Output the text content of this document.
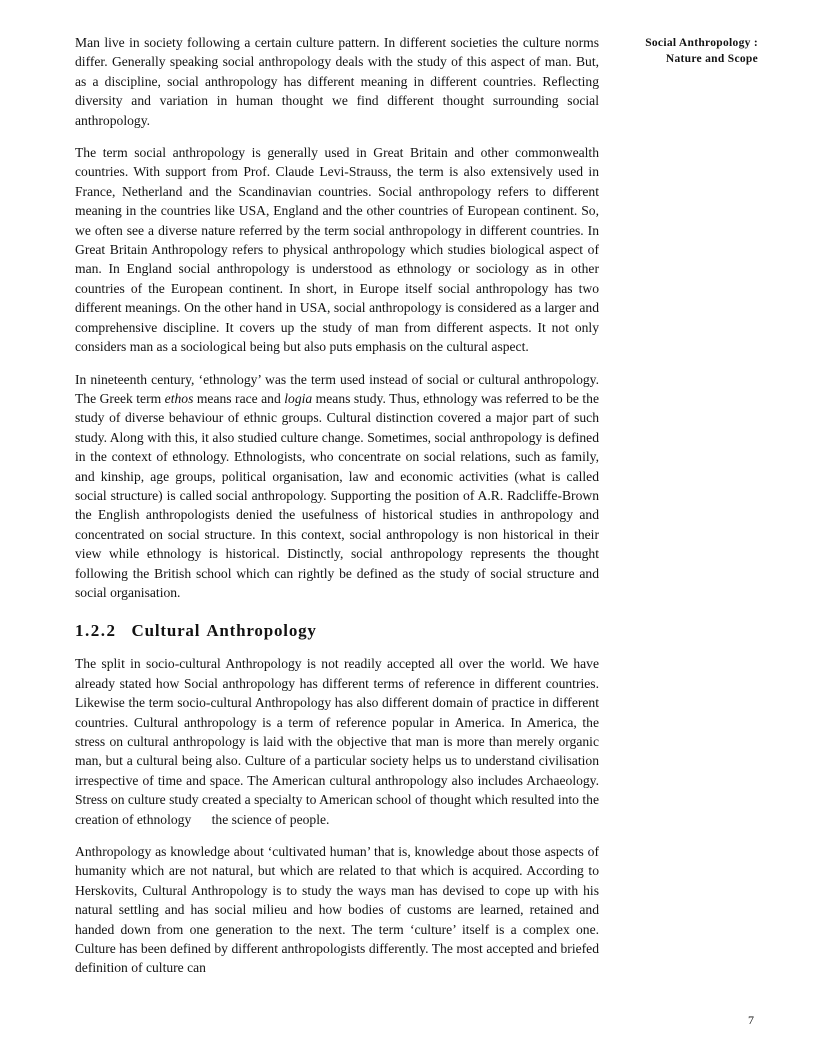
Social Anthropology :
Nature and Scope

Man live in society following a certain culture pattern. In different societies the culture norms differ. Generally speaking social anthropology deals with the study of this aspect of man. But, as a discipline, social anthropology has different meaning in different countries. Reflecting diversity and variation in human thought we find different thought surrounding social anthropology.

The term social anthropology is generally used in Great Britain and other commonwealth countries. With support from Prof. Claude Levi-Strauss, the term is also extensively used in France, Netherland and the Scandinavian countries. Social anthropology refers to different meaning in the countries like USA, England and the other countries of European continent. So, we often see a diverse nature referred by the term social anthropology in different countries. In Great Britain Anthropology refers to physical anthropology which studies biological aspect of man. In England social anthropology is understood as ethnology or sociology as in other countries of the European continent. In short, in Europe itself social anthropology has two different meanings. On the other hand in USA, social anthropology is considered as a larger and comprehensive discipline. It covers up the study of man from different aspects. It not only considers man as a sociological being but also puts emphasis on the cultural aspect.

In nineteenth century, ‘ethnology’ was the term used instead of social or cultural anthropology. The Greek term ethos means race and logia means study. Thus, ethnology was referred to be the study of diverse behaviour of ethnic groups. Cultural distinction covered a major part of such study. Along with this, it also studied culture change. Sometimes, social anthropology is defined in the context of ethnology. Ethnologists, who concentrate on social relations, such as family, and kinship, age groups, political organisation, law and economic activities (what is called social structure) is called social anthropology. Supporting the position of A.R. Radcliffe-Brown the English anthropologists denied the usefulness of historical studies in anthropology and concentrated on social structure. In this context, social anthropology is non historical in their view while ethnology is historical. Distinctly, social anthropology represents the thought following the British school which can rightly be defined as the study of social structure and social organisation.

1.2.2 Cultural Anthropology

The split in socio-cultural Anthropology is not readily accepted all over the world. We have already stated how Social anthropology has different terms of reference in different countries. Likewise the term socio-cultural Anthropology has also different domain of practice in different countries. Cultural anthropology is a term of reference popular in America. In America, the stress on cultural anthropology is laid with the objective that man is more than merely organic man, but a cultural being also. Culture of a particular society helps us to understand civilisation irrespective of time and space. The American cultural anthropology also includes Archaeology. Stress on culture study created a specialty to American school of thought which resulted into the creation of ethnology   the science of people.

Anthropology as knowledge about ‘cultivated human’ that is, knowledge about those aspects of humanity which are not natural, but which are related to that which is acquired. According to Herskovits, Cultural Anthropology is to study the ways man has devised to cope up with his natural settling and has social milieu and how bodies of customs are learned, retained and handed down from one generation to the next. The term ‘culture’ itself is a complex one. Culture has been defined by different anthropologists differently. The most accepted and briefed definition of culture can

7
